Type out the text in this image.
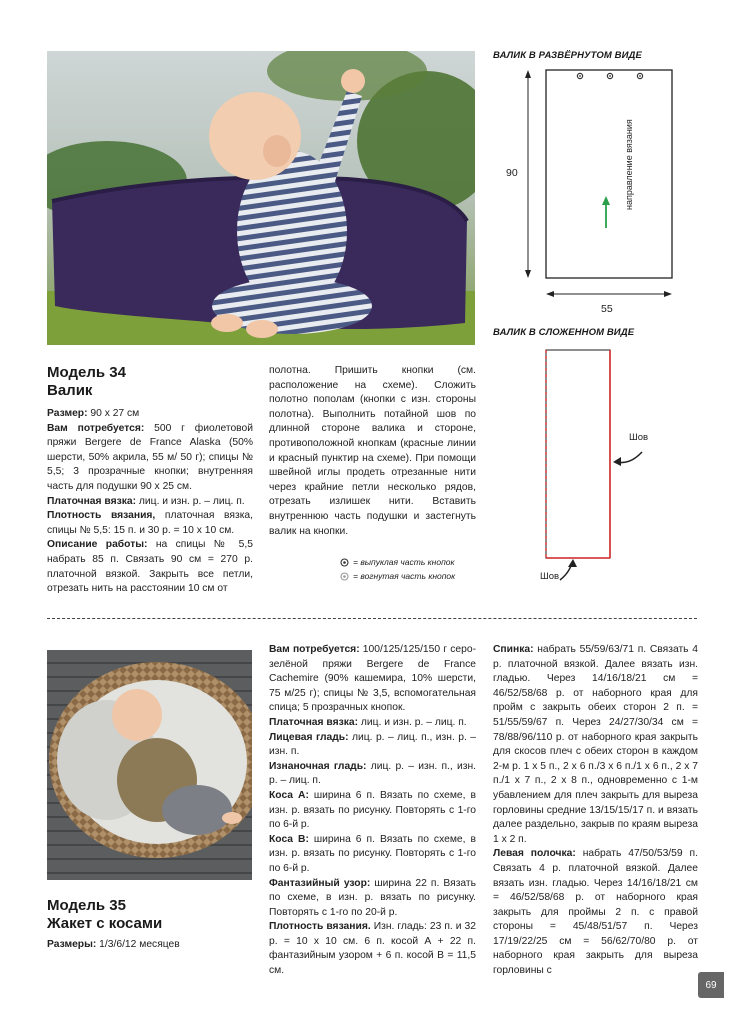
ВАЛИК В РАЗВЁРНУТОМ ВИДЕ
90
55
направление вязания
ВАЛИК В СЛОЖЕННОМ ВИДЕ
Шов
Шов
Модель 34
Валик

Размер: 90 х 27 см

Вам потребуется: 500 г фиолетовой пряжи Bergere de France Alaska (50% шерсти, 50% акрила, 55 м/ 50 г); спицы № 5,5; 3 прозрачные кнопки; внутренняя часть для подушки 90 х 25 см.

Платочная вязка: лиц. и изн. р. – лиц. п.

Плотность вязания, платочная вязка, спицы № 5,5: 15 п. и 30 р. = 10 х 10 см.

Описание работы: на спицы № 5,5 набрать 85 п. Связать 90 см = 270 р. платочной вязкой. Закрыть все петли, отрезать нить на расстоянии 10 см от

полотна. Пришить кнопки (см. расположение на схеме). Сложить полотно пополам (кнопки с изн. стороны полотна). Выполнить потайной шов по длинной стороне валика и стороне, противоположной кнопкам (красные линии и красный пунктир на схеме). При помощи швейной иглы продеть отрезанные нити через крайние петли несколько рядов, отрезать излишек нити. Вставить внутреннюю часть подушки и застегнуть валик на кнопки.

= выпуклая часть кнопок
= вогнутая часть кнопок
Модель 35
Жакет с косами
Размеры: 1/3/6/12 месяцев

Вам потребуется: 100/125/125/150 г серо-зелёной пряжи Bergere de France Cachemire (90% кашемира, 10% шерсти, 75 м/25 г); спицы № 3,5, вспомогательная спица; 5 прозрачных кнопок.

Платочная вязка: лиц. и изн. р. – лиц. п.

Лицевая гладь: лиц. р. – лиц. п., изн. р. – изн. п.

Изнаночная гладь: лиц. р. – изн. п., изн. р. – лиц. п.

Коса А: ширина 6 п. Вязать по схеме, в изн. р. вязать по рисунку. Повторять с 1-го по 6-й р.

Коса В: ширина 6 п. Вязать по схеме, в изн. р. вязать по рисунку. Повторять с 1-го по 6-й р.

Фантазийный узор: ширина 22 п. Вязать по схеме, в изн. р. вязать по рисунку. Повторять с 1-го по 20-й р.

Плотность вязания. Изн. гладь: 23 п. и 32 р. = 10 х 10 см. 6 п. косой А + 22 п. фантазийным узором + 6 п. косой В = 11,5 см.

Спинка: набрать 55/59/63/71 п. Связать 4 р. платочной вязкой. Далее вязать изн. гладью. Через 14/16/18/21 см = 46/52/58/68 р. от наборного края для пройм с закрыть обеих сторон 2 п. = 51/55/59/67 п. Через 24/27/30/34 см = 78/88/96/110 р. от наборного края закрыть для скосов плеч с обеих сторон в каждом 2-м р. 1 х 5 п., 2 х 6 п./3 х 6 п./1 х 6 п., 2 х 7 п./1 х 7 п., 2 х 8 п., одновременно с 1-м убавлением для плеч закрыть для выреза горловины средние 13/15/15/17 п. и вязать далее раздельно, закрыв по краям выреза 1 х 2 п.

Левая полочка: набрать 47/50/53/59 п. Связать 4 р. платочной вязкой. Далее вязать изн. гладью. Через 14/16/18/21 см = 46/52/58/68 р. от наборного края закрыть для проймы 2 п. с правой стороны = 45/48/51/57 п. Через 17/19/22/25 см = 56/62/70/80 р. от наборного края закрыть для выреза горловины с

69
